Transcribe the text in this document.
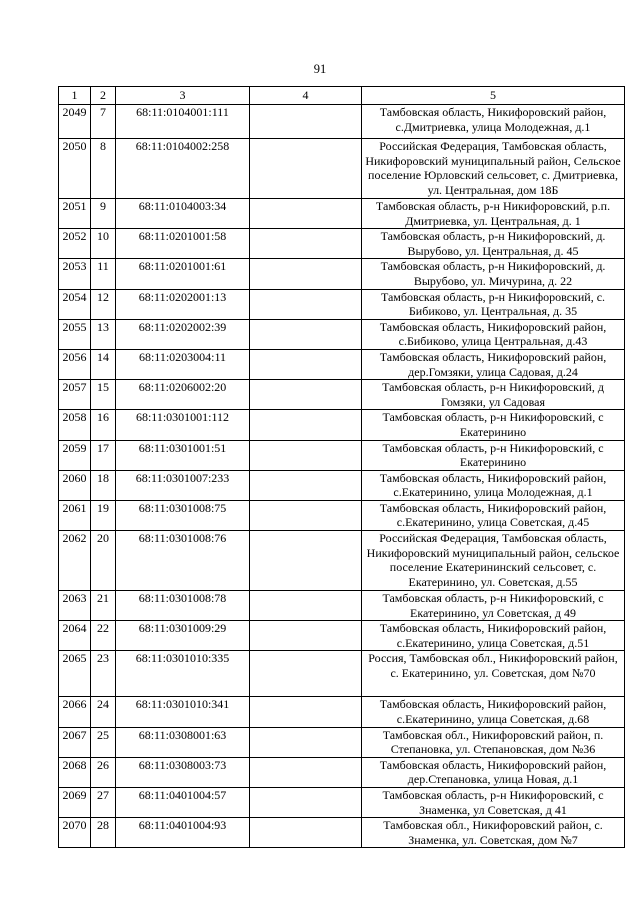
91
1	2	3	4	5
2049	7	68:11:0104001:111		Тамбовская область, Никифоровский район, с.Дмитриевка, улица Молодежная, д.1
2050	8	68:11:0104002:258		Российская Федерация, Тамбовская область, Никифоровский муниципальный район, Сельское поселение Юрловский сельсовет, с. Дмитриевка, ул. Центральная, дом 18Б
2051	9	68:11:0104003:34		Тамбовская область, р-н Никифоровский, р.п. Дмитриевка, ул. Центральная, д. 1
2052	10	68:11:0201001:58		Тамбовская область, р-н Никифоровский, д. Вырубово, ул. Центральная, д. 45
2053	11	68:11:0201001:61		Тамбовская область, р-н Никифоровский, д. Вырубово, ул. Мичурина, д. 22
2054	12	68:11:0202001:13		Тамбовская область, р-н Никифоровский, с. Бибиково, ул. Центральная, д. 35
2055	13	68:11:0202002:39		Тамбовская область, Никифоровский район, с.Бибиково, улица Центральная, д.43
2056	14	68:11:0203004:11		Тамбовская область, Никифоровский район, дер.Гомзяки, улица Садовая, д.24
2057	15	68:11:0206002:20		Тамбовская область, р-н Никифоровский, д Гомзяки, ул Садовая
2058	16	68:11:0301001:112		Тамбовская область, р-н Никифоровский, с Екатеринино
2059	17	68:11:0301001:51		Тамбовская область, р-н Никифоровский, с Екатеринино
2060	18	68:11:0301007:233		Тамбовская область, Никифоровский район, с.Екатеринино, улица Молодежная, д.1
2061	19	68:11:0301008:75		Тамбовская область, Никифоровский район, с.Екатеринино, улица Советская, д.45
2062	20	68:11:0301008:76		Российская Федерация, Тамбовская область, Никифоровский муниципальный район, сельское поселение Екатерининский сельсовет, с. Екатеринино, ул. Советская, д.55
2063	21	68:11:0301008:78		Тамбовская область, р-н Никифоровский, с Екатеринино, ул Советская, д 49
2064	22	68:11:0301009:29		Тамбовская область, Никифоровский район, с.Екатеринино, улица Советская, д.51
2065	23	68:11:0301010:335		Россия, Тамбовская обл., Никифоровский район, с. Екатеринино, ул. Советская, дом №70
2066	24	68:11:0301010:341		Тамбовская область, Никифоровский район, с.Екатеринино, улица Советская, д.68
2067	25	68:11:0308001:63		Тамбовская обл., Никифоровский район, п. Степановка, ул. Степановская, дом №36
2068	26	68:11:0308003:73		Тамбовская область, Никифоровский район, дер.Степановка, улица Новая, д.1
2069	27	68:11:0401004:57		Тамбовская область, р-н Никифоровский, с Знаменка, ул Советская, д 41
2070	28	68:11:0401004:93		Тамбовская обл., Никифоровский район, с. Знаменка, ул. Советская, дом №7
